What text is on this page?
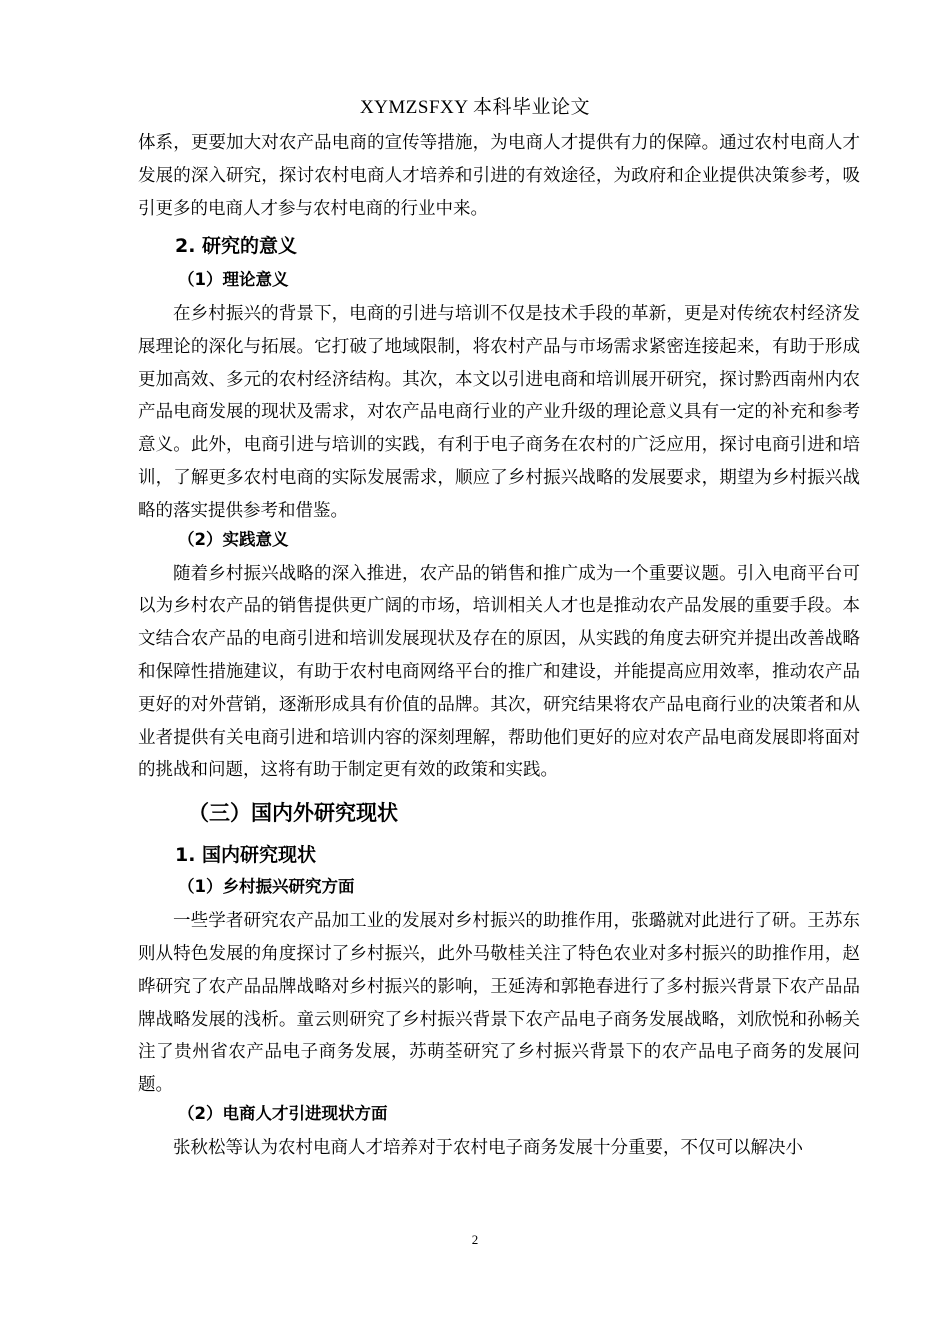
XYMZSFXY 本科毕业论文

体系，更要加大对农产品电商的宣传等措施，为电商人才提供有力的保障。通过农村电商人才发展的深入研究，探讨农村电商人才培养和引进的有效途径，为政府和企业提供决策参考，吸引更多的电商人才参与农村电商的行业中来。

2. 研究的意义
（1）理论意义

在乡村振兴的背景下，电商的引进与培训不仅是技术手段的革新，更是对传统农村经济发展理论的深化与拓展。它打破了地域限制，将农村产品与市场需求紧密连接起来，有助于形成更加高效、多元的农村经济结构。其次，本文以引进电商和培训展开研究，探讨黔西南州内农产品电商发展的现状及需求，对农产品电商行业的产业升级的理论意义具有一定的补充和参考意义。此外，电商引进与培训的实践，有利于电子商务在农村的广泛应用，探讨电商引进和培训，了解更多农村电商的实际发展需求，顺应了乡村振兴战略的发展要求，期望为乡村振兴战略的落实提供参考和借鉴。

（2）实践意义

随着乡村振兴战略的深入推进，农产品的销售和推广成为一个重要议题。引入电商平台可以为乡村农产品的销售提供更广阔的市场，培训相关人才也是推动农产品发展的重要手段。本文结合农产品的电商引进和培训发展现状及存在的原因，从实践的角度去研究并提出改善战略和保障性措施建议，有助于农村电商网络平台的推广和建设，并能提高应用效率，推动农产品更好的对外营销，逐渐形成具有价值的品牌。其次，研究结果将农产品电商行业的决策者和从业者提供有关电商引进和培训内容的深刻理解，帮助他们更好的应对农产品电商发展即将面对的挑战和问题，这将有助于制定更有效的政策和实践。

（三）国内外研究现状
1. 国内研究现状
（1）乡村振兴研究方面

一些学者研究农产品加工业的发展对乡村振兴的助推作用，张璐就对此进行了研。王苏东则从特色发展的角度探讨了乡村振兴，此外马敬桂关注了特色农业对多村振兴的助推作用，赵晔研究了农产品品牌战略对乡村振兴的影响，王延涛和郭艳春进行了多村振兴背景下农产品品牌战略发展的浅析。童云则研究了乡村振兴背景下农产品电子商务发展战略，刘欣悦和孙畅关注了贵州省农产品电子商务发展，苏萌荃研究了乡村振兴背景下的农产品电子商务的发展问题。

（2）电商人才引进现状方面

张秋松等认为农村电商人才培养对于农村电子商务发展十分重要，不仅可以解决小

2
